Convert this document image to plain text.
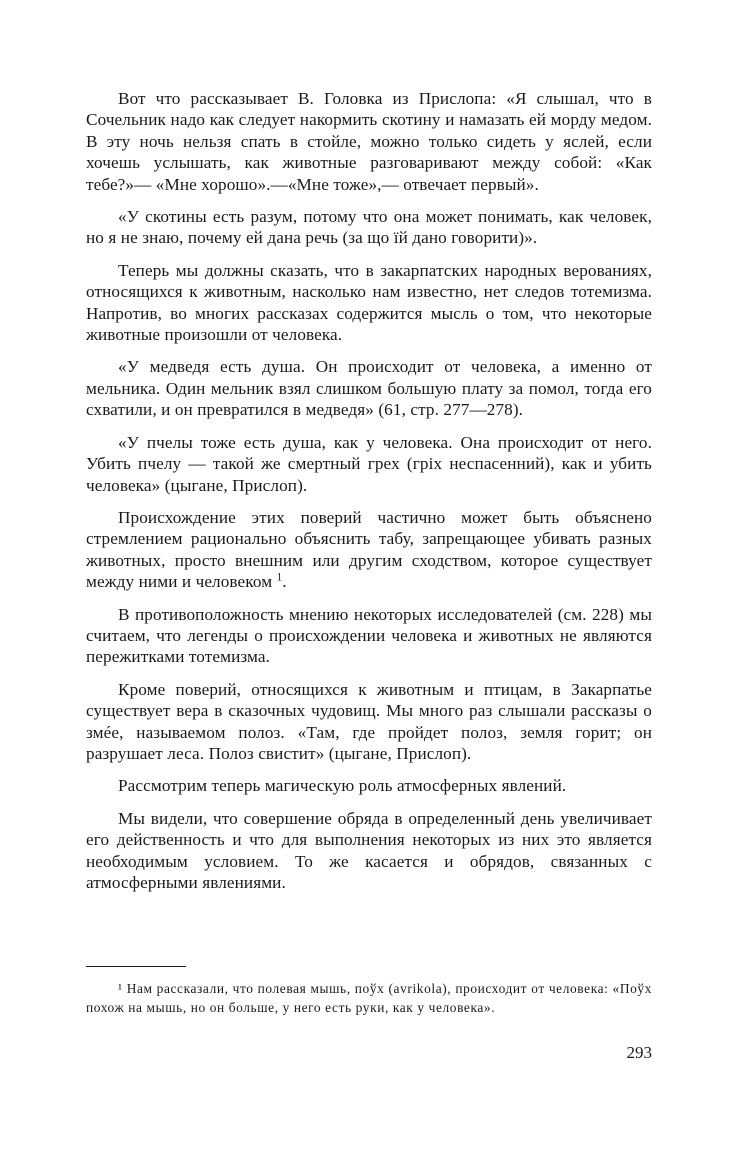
Вот что рассказывает В. Головка из Прислопа: «Я слышал, что в Сочельник надо как следует накормить скотину и намазать ей морду медом. В эту ночь нельзя спать в стойле, можно только сидеть у яслей, если хочешь услышать, как животные разговаривают между собой: «Как тебе?»— «Мне хорошо».—«Мне тоже»,— отвечает первый».

«У скотины есть разум, потому что она может понимать, как человек, но я не знаю, почему ей дана речь (за що їй дано говорити)».

Теперь мы должны сказать, что в закарпатских народных верованиях, относящихся к животным, насколько нам известно, нет следов тотемизма. Напротив, во многих рассказах содержится мысль о том, что некоторые животные произошли от человека.

«У медведя есть душа. Он происходит от человека, а именно от мельника. Один мельник взял слишком большую плату за помол, тогда его схватили, и он превратился в медведя» (61, стр. 277—278).

«У пчелы тоже есть душа, как у человека. Она происходит от него. Убить пчелу — такой же смертный грех (гріх неспасенний), как и убить человека» (цыгане, Прислоп).

Происхождение этих поверий частично может быть объяснено стремлением рационально объяснить табу, запрещающее убивать разных животных, просто внешним или другим сходством, которое существует между ними и человеком $^1$.

В противоположность мнению некоторых исследователей (см. 228) мы считаем, что легенды о происхождении человека и животных не являются пережитками тотемизма.

Кроме поверий, относящихся к животным и птицам, в Закарпатье существует вера в сказочных чудовищ. Мы много раз слышали рассказы о змée, называемом полоз. «Там, где пройдет полоз, земля горит; он разрушает леса. Полоз свистит» (цыгане, Прислоп).

Рассмотрим теперь магическую роль атмосферных явлений.

Мы видели, что совершение обряда в определенный день увеличивает его действенность и что для выполнения некоторых из них это является необходимым условием. То же касается и обрядов, связанных с атмосферными явлениями.

¹ Нам рассказали, что полевая мышь, поўх (avrikola), происходит от человека: «Поўх похож на мышь, но он больше, у него есть руки, как у человека».

293
